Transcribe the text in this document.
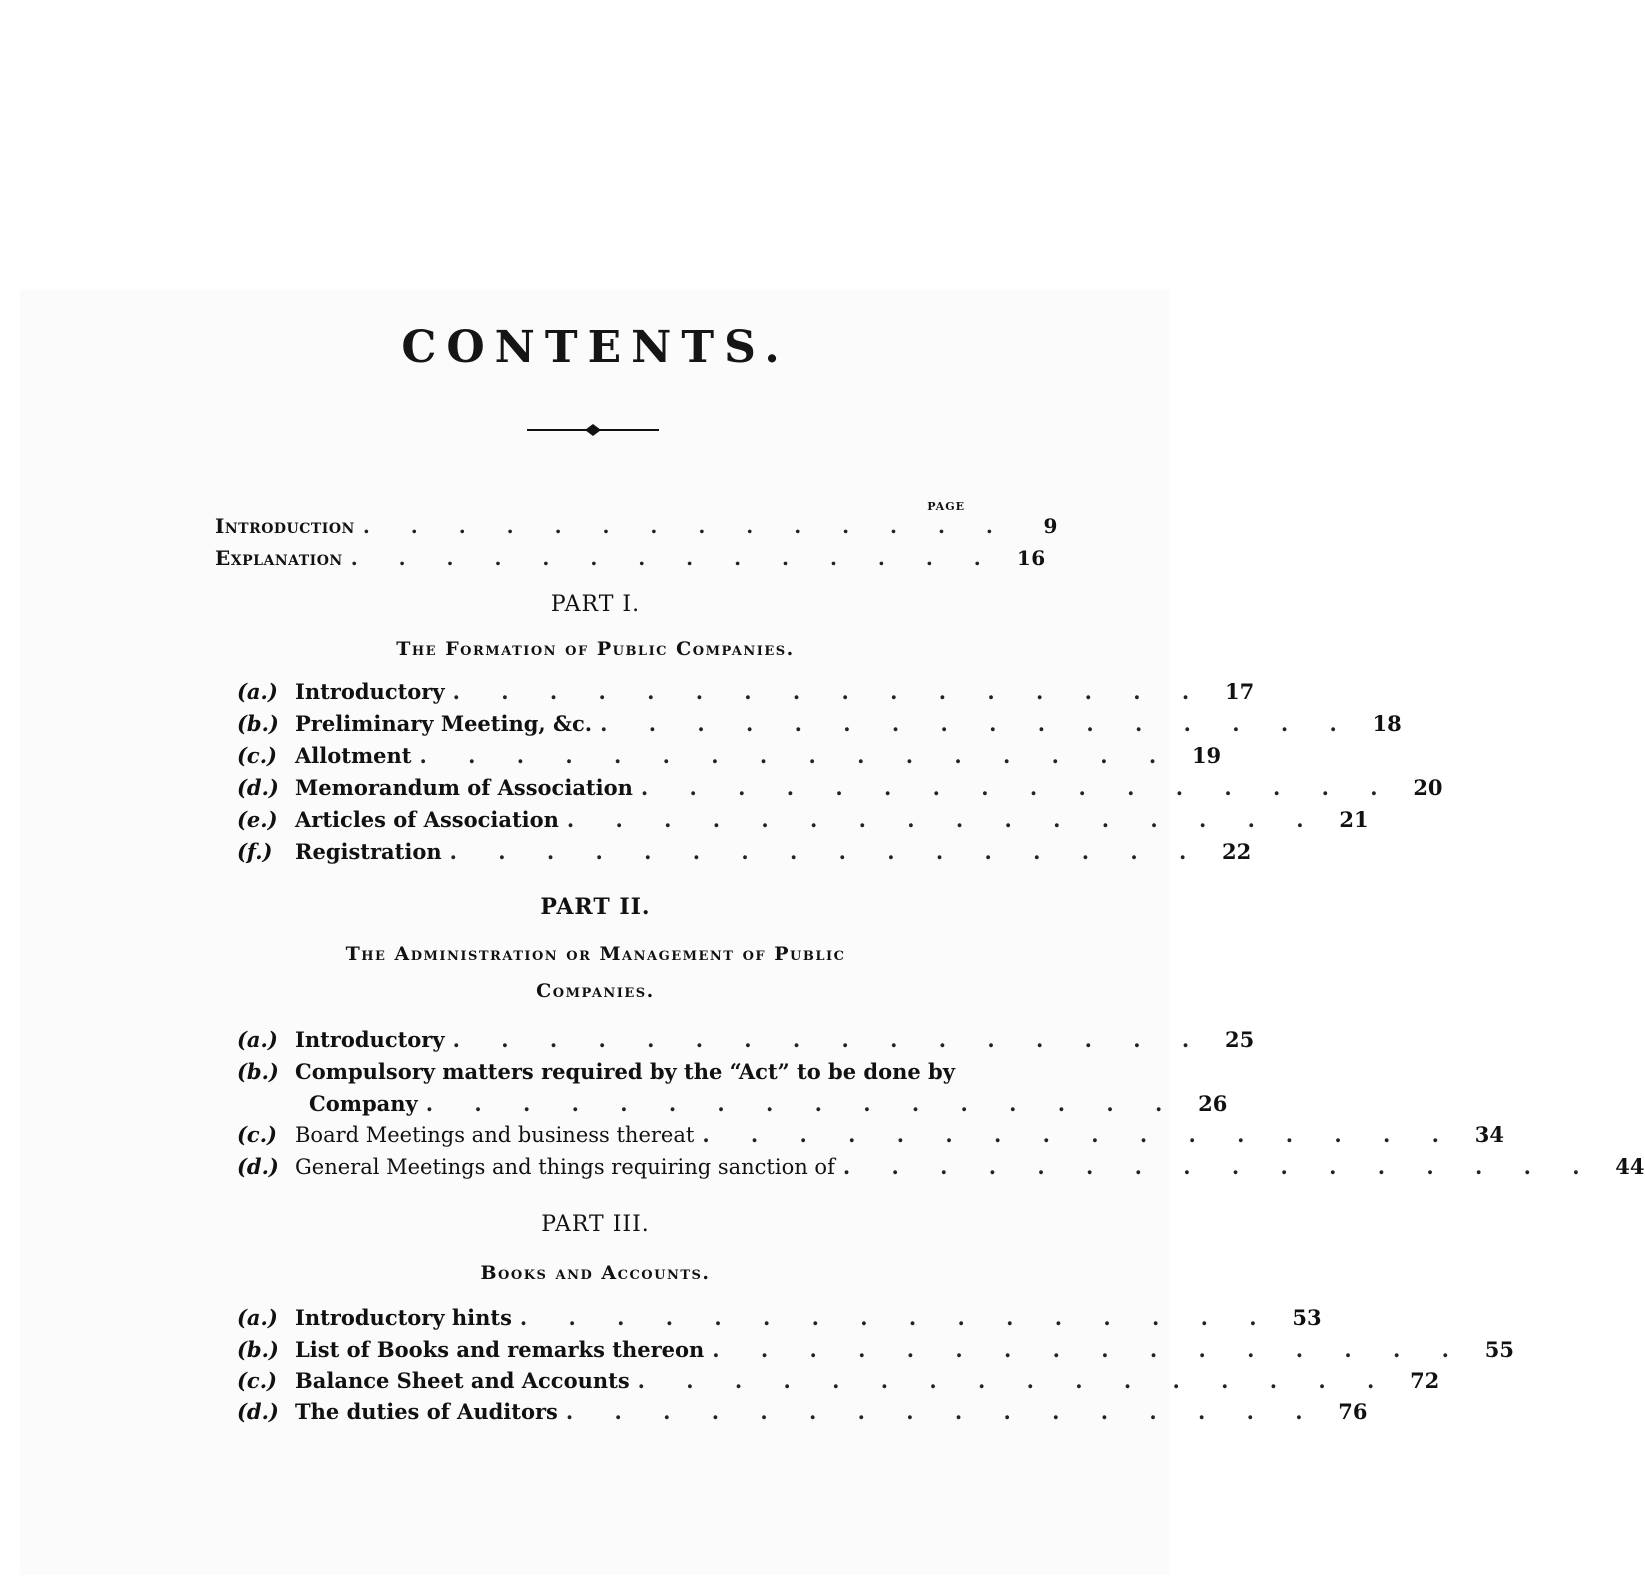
CONTENTS.
PAGE
Introduction . . . . . . . . . . . . . .	9
Explanation . . . . . . . . . . . . . . 16
PART I.
The Formation of Public Companies.
(a.) Introductory . . . . . . . . . . . . . . . . 17
(b.) Preliminary Meeting, &c. . . . . . . . . . . . . . . . . 18
(c.) Allotment . . . . . . . . . . . . . . . . 19
(d.) Memorandum of Association . . . . . . . . . . . . . . . . 20
(e.) Articles of Association . . . . . . . . . . . . . . . . 21
(f.)	Registration . . . . . . . . . . . . . . . . 22
PART II.
The Administration or Management of Public
Companies.
(a.) Introductory . . . . . . . . . . . . . . . . 25
(b.) Compulsory matters required by the “Act” to be done by
Company . . . . . . . . . . . . . . . . 26
(c.) Board Meetings and business thereat . . . . . . . . . . . . . . . . 34
(d.) General Meetings and things requiring sanction of . . . . . . . . . . . . . . . . 44
PART III.
Books and Accounts.
(a.) Introductory hints . . . . . . . . . . . . . . . . 53
(b.) List of Books and remarks thereon . . . . . . . . . . . . . . . . 55
(c.) Balance Sheet and Accounts . . . . . . . . . . . . . . . . 72
(d.) The duties of Auditors . . . . . . . . . . . . . . . . 76
